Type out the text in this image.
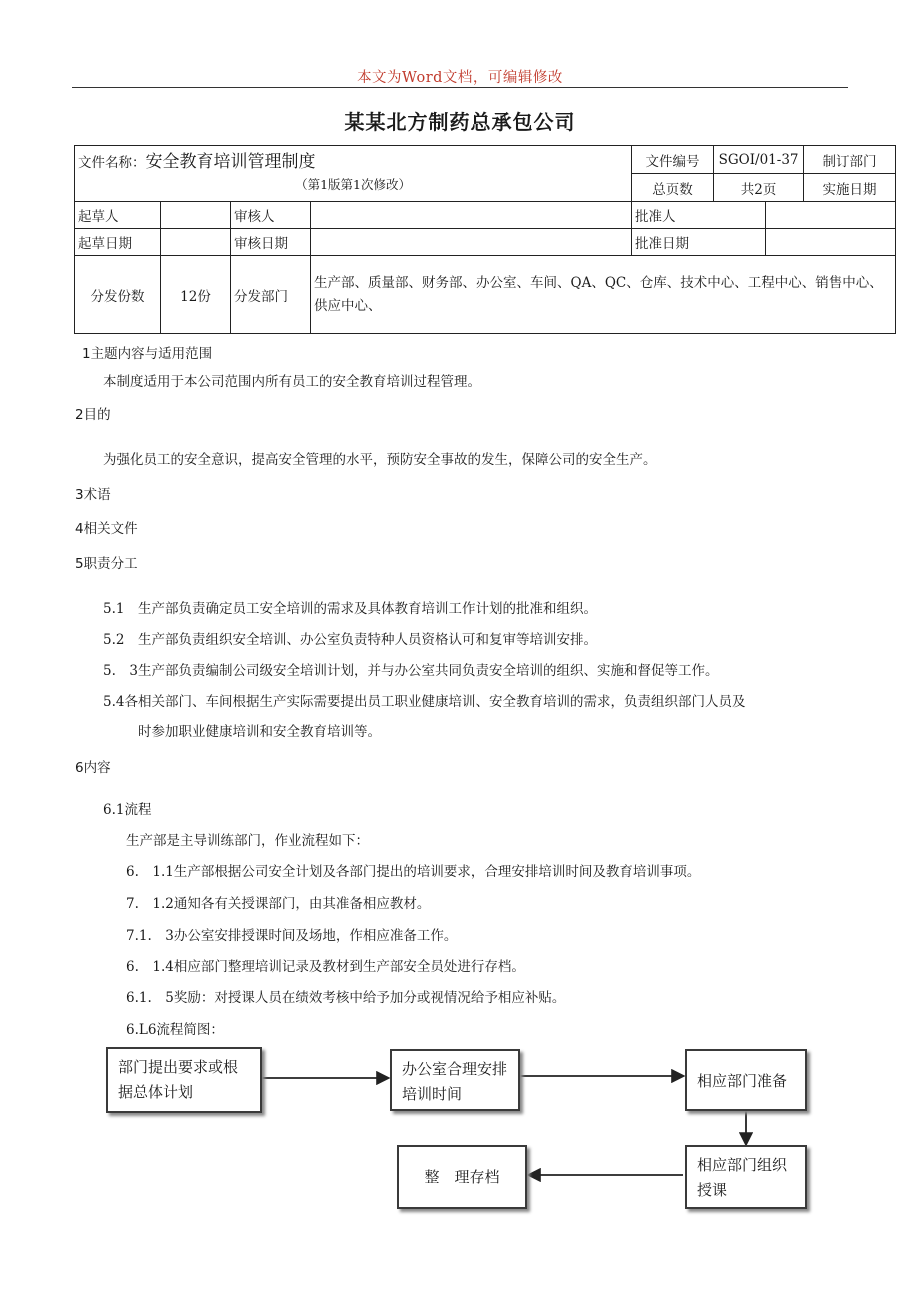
本文为Word文档，可编辑修改
某某北方制药总承包公司
文件名称：安全教育培训管理制度
（第1版第1次修改）				文件编号	SGOI/01-37		制订部门	
				总页数	共2页		实施日期	
起草人		审核人		批准人				
起草日期		审核日期		批准日期				
分发份数	12份	分发部门	生产部、质量部、财务部、办公室、车间、QA、QC、仓库、技术中心、工程中心、销售中心、供应中心、					
1主题内容与适用范围
本制度适用于本公司范围内所有员工的安全教育培训过程管理。
2目的
为强化员工的安全意识，提高安全管理的水平，预防安全事故的发生，保障公司的安全生产。
3术语
4相关文件
5职责分工
5.1　生产部负责确定员工安全培训的需求及具体教育培训工作计划的批准和组织。
5.2　生产部负责组织安全培训、办公室负责特种人员资格认可和复审等培训安排。
5.　3生产部负责编制公司级安全培训计划，并与办公室共同负责安全培训的组织、实施和督促等工作。
5.4各相关部门、车间根据生产实际需要提出员工职业健康培训、安全教育培训的需求，负责组织部门人员及
时参加职业健康培训和安全教育培训等。
6内容
6.1流程
生产部是主导训练部门，作业流程如下：
6.　1.1生产部根据公司安全计划及各部门提出的培训要求，合理安排培训时间及教育培训事项。
7.　1.2通知各有关授课部门，由其准备相应教材。
7.1.　3办公室安排授课时间及场地，作相应准备工作。
6.　1.4相应部门整理培训记录及教材到生产部安全员处进行存档。
6.1.　5奖励：对授课人员在绩效考核中给予加分或视情况给予相应补贴。
6.L6流程简图：
部门提出要求或根据总体计划
办公室合理安排培训时间
相应部门准备
相应部门组织授课
整　理存档
